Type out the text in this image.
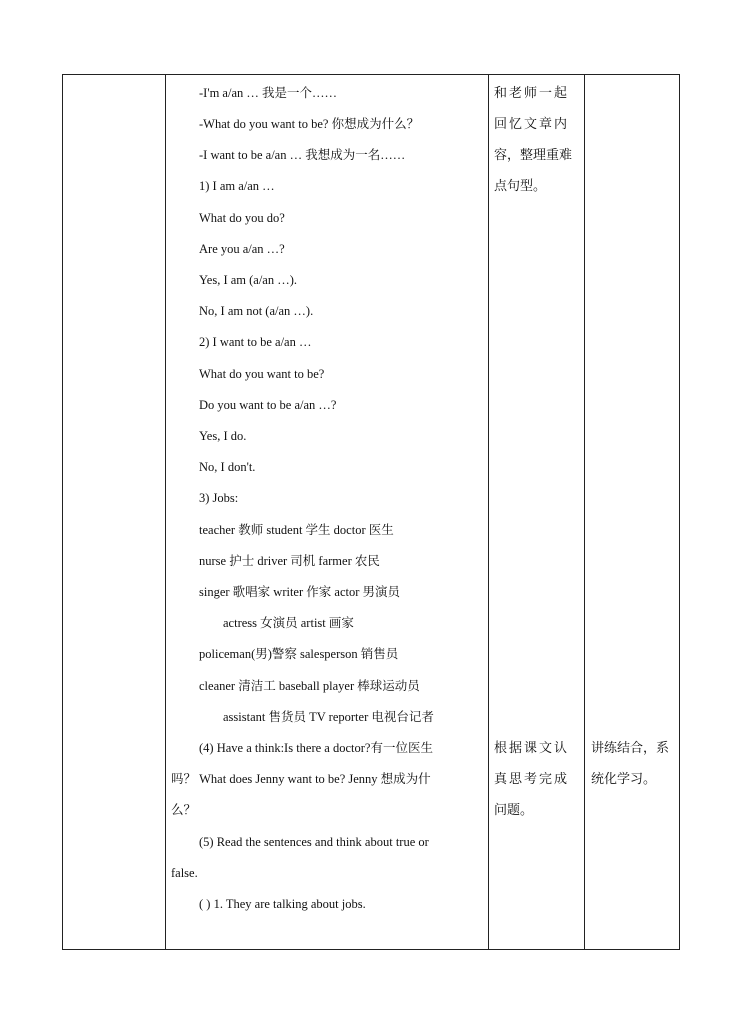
-I'm a/an … 我是一个……
-What do you want to be? 你想成为什么？
-I want to be a/an … 我想成为一名……
1) I am a/an …
What do you do?
Are you a/an …?
Yes, I am (a/an …).
No, I am not (a/an …).
2) I want to be a/an …
What do you want to be?
Do you want to be a/an …?
Yes, I do.
No, I don't.
3) Jobs:
teacher 教师 student 学生 doctor 医生
nurse 护士 driver 司机 farmer 农民
singer 歌唱家 writer 作家 actor 男演员
actress 女演员 artist 画家
policeman(男)警察 salesperson 销售员
cleaner 清洁工 baseball player 棒球运动员
assistant 售货员 TV reporter 电视台记者
(4) Have a think:Is there a doctor?有一位医生
吗？ What does Jenny want to be? Jenny 想成为什
么？
(5) Read the sentences and think about true or
false.
( ) 1. They are talking about jobs.
和老师一起
回忆文章内
容，整理重难
点句型。
根据课文认
真思考完成
问题。
讲练结合，系
统化学习。
